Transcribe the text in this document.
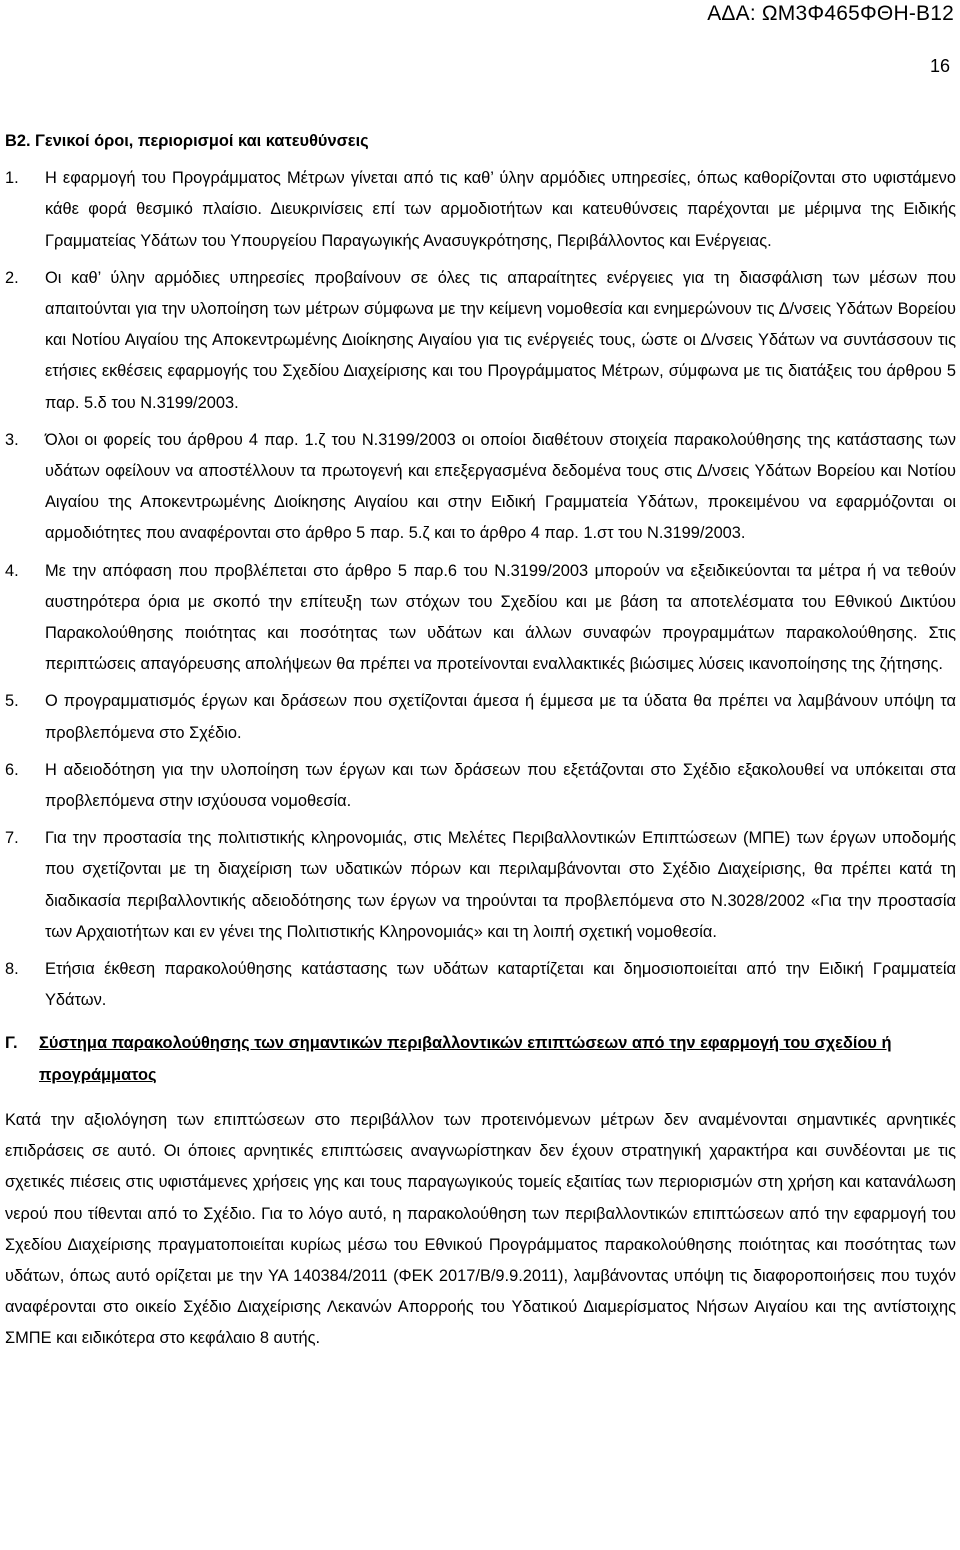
ΑΔΑ: ΩΜ3Φ465ΦΘΗ-Β12
16
Β2. Γενικοί όροι, περιορισμοί και κατευθύνσεις
1.	Η εφαρμογή του Προγράμματος Μέτρων γίνεται από τις καθ’ ύλην αρμόδιες υπηρεσίες, όπως καθορίζονται στο υφιστάμενο κάθε φορά θεσμικό πλαίσιο. Διευκρινίσεις επί των αρμοδιοτήτων και κατευθύνσεις παρέχονται με μέριμνα της Ειδικής Γραμματείας Υδάτων του Υπουργείου Παραγωγικής Ανασυγκρότησης, Περιβάλλοντος και Ενέργειας.
2.	Οι καθ’ ύλην αρμόδιες υπηρεσίες προβαίνουν σε όλες τις απαραίτητες ενέργειες για τη διασφάλιση των μέσων που απαιτούνται για την υλοποίηση των μέτρων σύμφωνα με την κείμενη νομοθεσία και ενημερώνουν τις Δ/νσεις Υδάτων Βορείου και Νοτίου Αιγαίου της Αποκεντρωμένης Διοίκησης Αιγαίου για τις ενέργειές τους, ώστε οι Δ/νσεις Υδάτων να συντάσσουν τις ετήσιες εκθέσεις εφαρμογής του Σχεδίου Διαχείρισης και του Προγράμματος Μέτρων, σύμφωνα με τις διατάξεις του άρθρου 5 παρ. 5.δ του Ν.3199/2003.
3.	Όλοι οι φορείς του άρθρου 4 παρ. 1.ζ του Ν.3199/2003 οι οποίοι διαθέτουν στοιχεία παρακολούθησης της κατάστασης των υδάτων οφείλουν να αποστέλλουν τα πρωτογενή και επεξεργασμένα δεδομένα τους στις Δ/νσεις Υδάτων Βορείου και Νοτίου Αιγαίου της Αποκεντρωμένης Διοίκησης Αιγαίου και στην Ειδική Γραμματεία Υδάτων, προκειμένου να εφαρμόζονται οι αρμοδιότητες που αναφέρονται στο άρθρο 5 παρ. 5.ζ και το άρθρο 4 παρ. 1.στ του Ν.3199/2003.
4.	Με την απόφαση που προβλέπεται στο άρθρο 5 παρ.6 του Ν.3199/2003 μπορούν να εξειδικεύονται τα μέτρα ή να τεθούν αυστηρότερα όρια με σκοπό την επίτευξη των στόχων του Σχεδίου και με βάση τα αποτελέσματα του Εθνικού Δικτύου Παρακολούθησης ποιότητας και ποσότητας των υδάτων και άλλων συναφών προγραμμάτων παρακολούθησης. Στις περιπτώσεις απαγόρευσης απολήψεων θα πρέπει να προτείνονται εναλλακτικές βιώσιμες λύσεις ικανοποίησης της ζήτησης.
5.	Ο προγραμματισμός έργων και δράσεων που σχετίζονται άμεσα ή έμμεσα με τα ύδατα θα πρέπει να λαμβάνουν υπόψη τα προβλεπόμενα στο Σχέδιο.
6.	Η αδειοδότηση για την υλοποίηση των έργων και των δράσεων που εξετάζονται στο Σχέδιο εξακολουθεί να υπόκειται στα προβλεπόμενα στην ισχύουσα νομοθεσία.
7.	Για την προστασία της πολιτιστικής κληρονομιάς, στις Μελέτες Περιβαλλοντικών Επιπτώσεων (ΜΠΕ) των έργων υποδομής που σχετίζονται με τη διαχείριση των υδατικών πόρων και περιλαμβάνονται στο Σχέδιο Διαχείρισης, θα πρέπει κατά τη διαδικασία περιβαλλοντικής αδειοδότησης των έργων να τηρούνται τα προβλεπόμενα στο Ν.3028/2002 «Για την προστασία των Αρχαιοτήτων και εν γένει της Πολιτιστικής Κληρονομιάς» και τη λοιπή σχετική νομοθεσία.
8.	Ετήσια έκθεση παρακολούθησης κατάστασης των υδάτων καταρτίζεται και δημοσιοποιείται από την Ειδική Γραμματεία Υδάτων.
Γ.	Σύστημα παρακολούθησης των σημαντικών περιβαλλοντικών επιπτώσεων από την εφαρμογή του σχεδίου ή προγράμματος

Κατά την αξιολόγηση των επιπτώσεων στο περιβάλλον των προτεινόμενων μέτρων δεν αναμένονται σημαντικές αρνητικές επιδράσεις σε αυτό. Οι όποιες αρνητικές επιπτώσεις αναγνωρίστηκαν δεν έχουν στρατηγική χαρακτήρα και συνδέονται με τις σχετικές πιέσεις στις υφιστάμενες χρήσεις γης και τους παραγωγικούς τομείς εξαιτίας των περιορισμών στη χρήση και κατανάλωση νερού που τίθενται από το Σχέδιο. Για το λόγο αυτό, η παρακολούθηση των περιβαλλοντικών επιπτώσεων από την εφαρμογή του Σχεδίου Διαχείρισης πραγματοποιείται κυρίως μέσω του Εθνικού Προγράμματος παρακολούθησης ποιότητας και ποσότητας των υδάτων, όπως αυτό ορίζεται με την ΥΑ 140384/2011 (ΦΕΚ 2017/Β/9.9.2011), λαμβάνοντας υπόψη τις διαφοροποιήσεις που τυχόν αναφέρονται στο οικείο Σχέδιο Διαχείρισης Λεκανών Απορροής του Υδατικού Διαμερίσματος Νήσων Αιγαίου και της αντίστοιχης ΣΜΠΕ και ειδικότερα στο κεφάλαιο 8 αυτής.
